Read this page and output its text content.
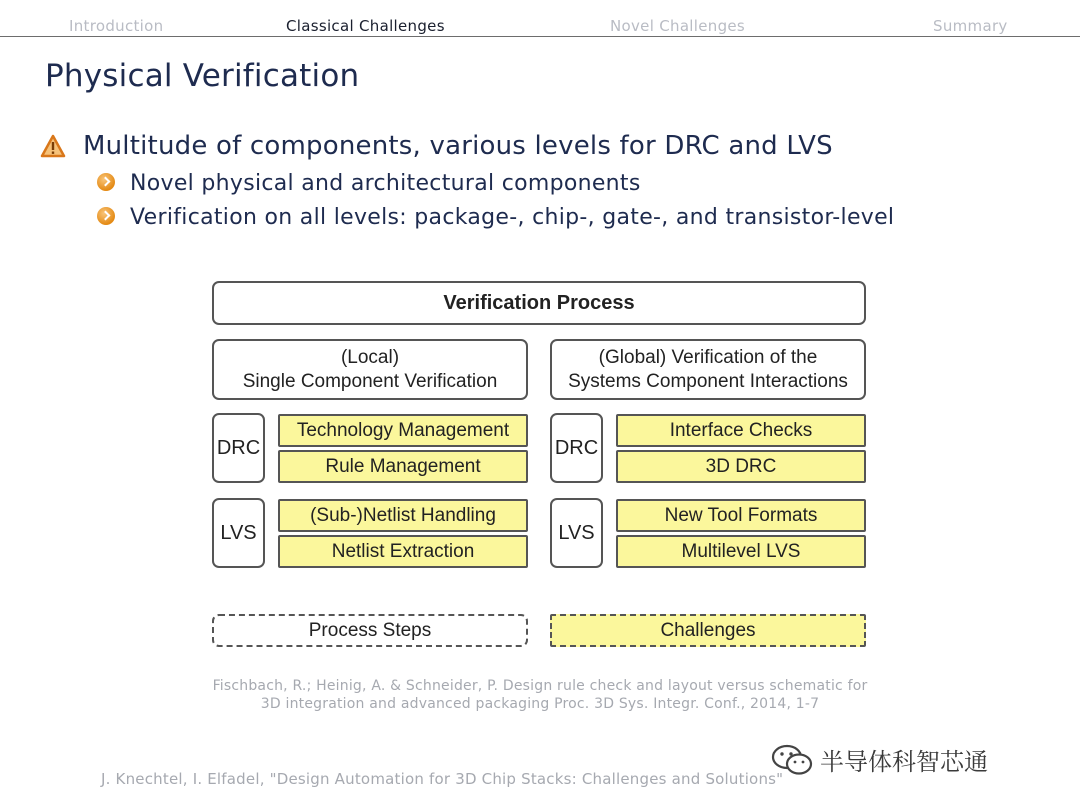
Introduction	Classical Challenges	Novel Challenges	Summary
Physical Verification
Multitude of components, various levels for DRC and LVS
Novel physical and architectural components
Verification on all levels: package-, chip-, gate-, and transistor-level
Verification Process
(Local)
Single Component Verification
(Global) Verification of the
Systems Component Interactions
DRC
LVS
DRC
LVS
Technology Management
Rule Management
(Sub-)Netlist Handling
Netlist Extraction
Interface Checks
3D DRC
New Tool Formats
Multilevel LVS
Process Steps	Challenges
Fischbach, R.; Heinig, A. & Schneider, P. Design rule check and layout versus schematic for
3D integration and advanced packaging Proc. 3D Sys. Integr. Conf., 2014, 1-7
J. Knechtel, I. Elfadel, "Design Automation for 3D Chip Stacks: Challenges and Solutions"
半导体科智芯通
